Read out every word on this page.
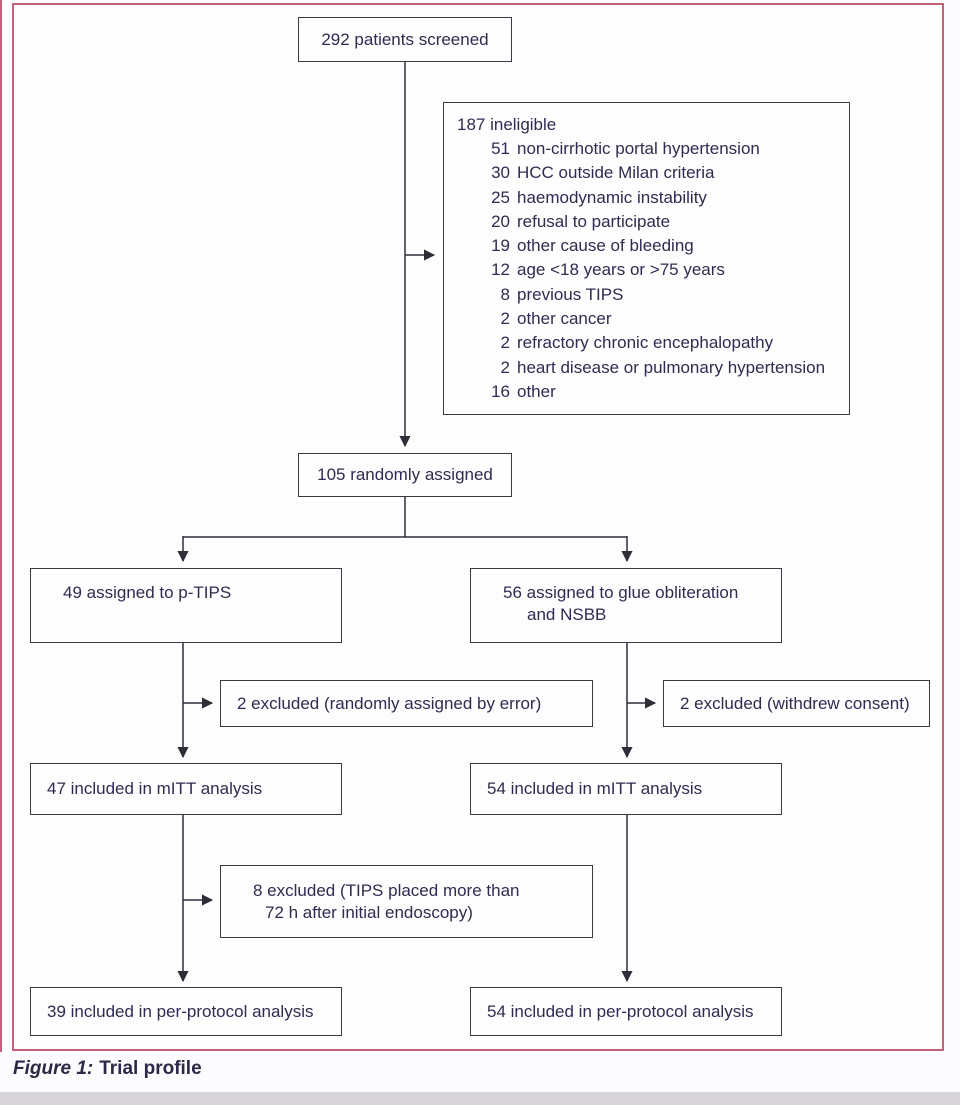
292 patients screened
187 ineligible
51 non-cirrhotic portal hypertension
30 HCC outside Milan criteria
25 haemodynamic instability
20 refusal to participate
19 other cause of bleeding
12 age <18 years or >75 years
8 previous TIPS
2 other cancer
2 refractory chronic encephalopathy
2 heart disease or pulmonary hypertension
16 other
105 randomly assigned
49 assigned to p-TIPS	56 assigned to glue obliteration and NSBB
2 excluded (randomly assigned by error)	2 excluded (withdrew consent)
47 included in mITT analysis	54 included in mITT analysis
8 excluded (TIPS placed more than 72 h after initial endoscopy)
39 included in per-protocol analysis	54 included in per-protocol analysis
Figure 1: Trial profile
